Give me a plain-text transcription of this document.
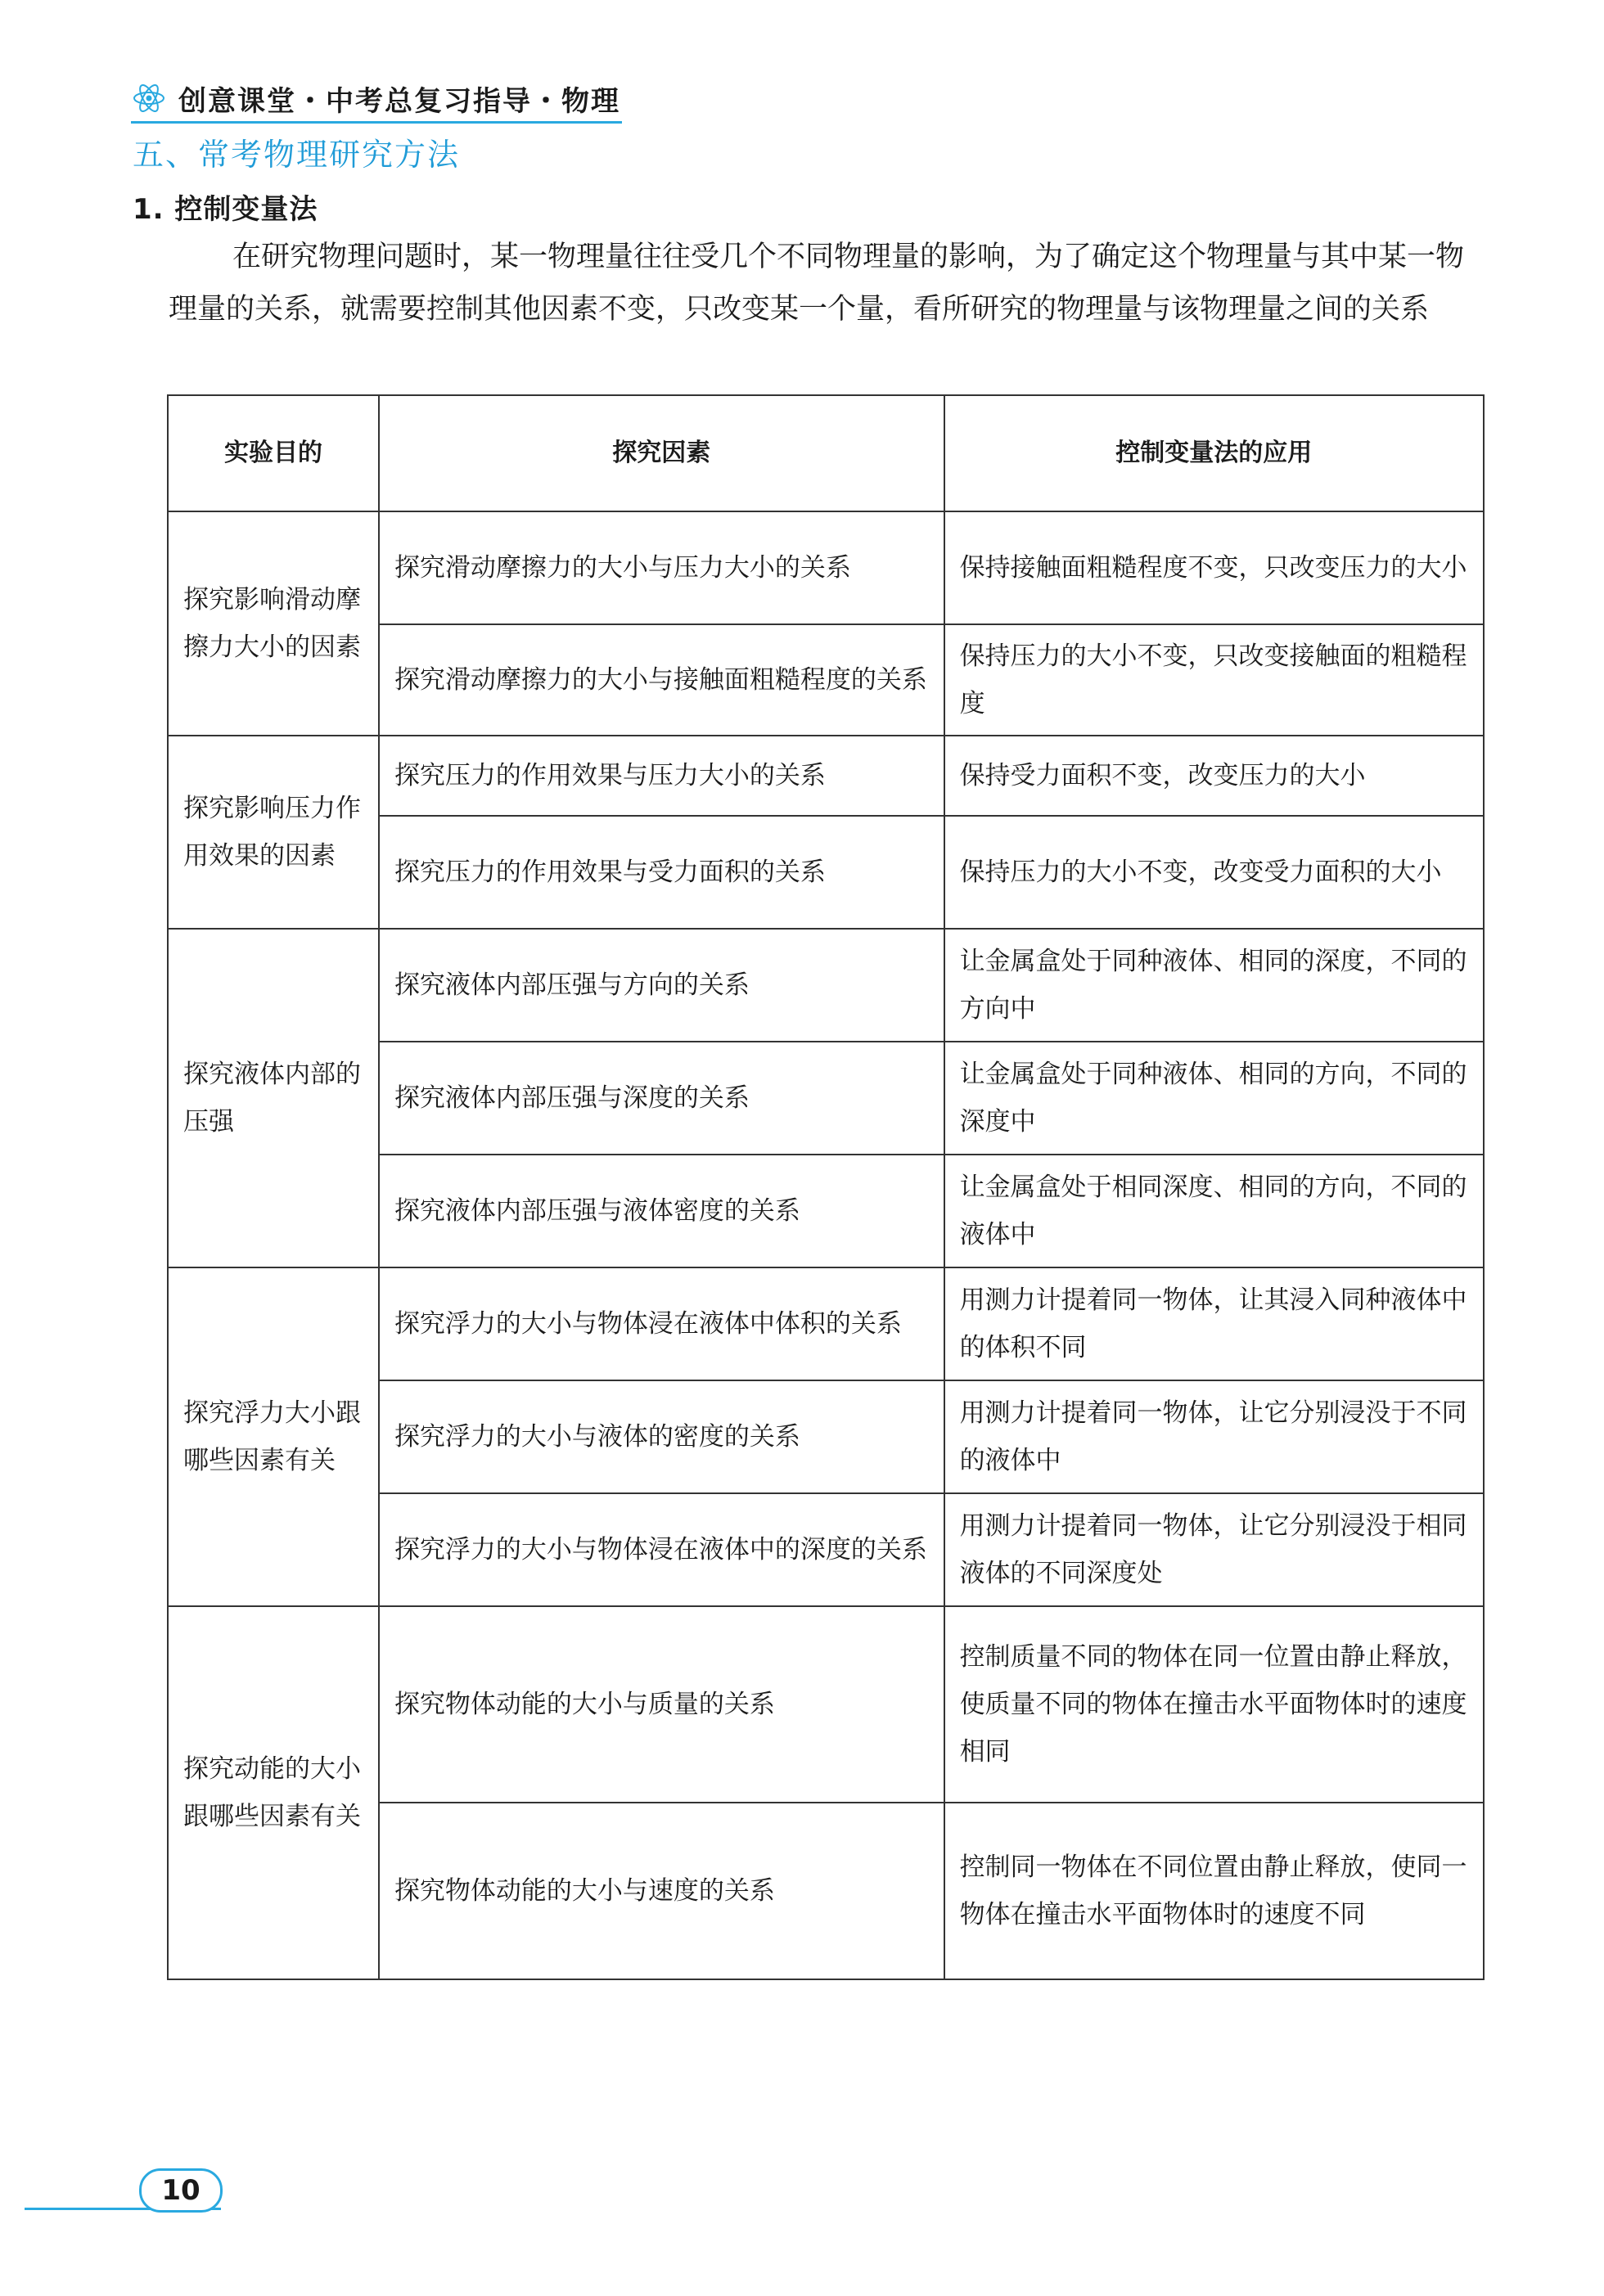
创意课堂・中考总复习指导・物理
五、常考物理研究方法
1. 控制变量法

在研究物理问题时，某一物理量往往受几个不同物理量的影响，为了确定这个物理量与其中某一物理量的关系，就需要控制其他因素不变，只改变某一个量，看所研究的物理量与该物理量之间的关系

实验目的	探究因素	控制变量法的应用
探究影响滑动摩擦力大小的因素	探究滑动摩擦力的大小与压力大小的关系	保持接触面粗糙程度不变，只改变压力的大小
	探究滑动摩擦力的大小与接触面粗糙程度的关系	保持压力的大小不变，只改变接触面的粗糙程度
探究影响压力作用效果的因素	探究压力的作用效果与压力大小的关系	保持受力面积不变，改变压力的大小
	探究压力的作用效果与受力面积的关系	保持压力的大小不变，改变受力面积的大小
探究液体内部的压强	探究液体内部压强与方向的关系	让金属盒处于同种液体、相同的深度，不同的方向中
	探究液体内部压强与深度的关系	让金属盒处于同种液体、相同的方向，不同的深度中
	探究液体内部压强与液体密度的关系	让金属盒处于相同深度、相同的方向，不同的液体中
探究浮力大小跟哪些因素有关	探究浮力的大小与物体浸在液体中体积的关系	用测力计提着同一物体，让其浸入同种液体中的体积不同
	探究浮力的大小与液体的密度的关系	用测力计提着同一物体，让它分别浸没于不同的液体中
	探究浮力的大小与物体浸在液体中的深度的关系	用测力计提着同一物体，让它分别浸没于相同液体的不同深度处
探究动能的大小跟哪些因素有关	探究物体动能的大小与质量的关系	控制质量不同的物体在同一位置由静止释放，使质量不同的物体在撞击水平面物体时的速度相同
	探究物体动能的大小与速度的关系	控制同一物体在不同位置由静止释放，使同一物体在撞击水平面物体时的速度不同
10
